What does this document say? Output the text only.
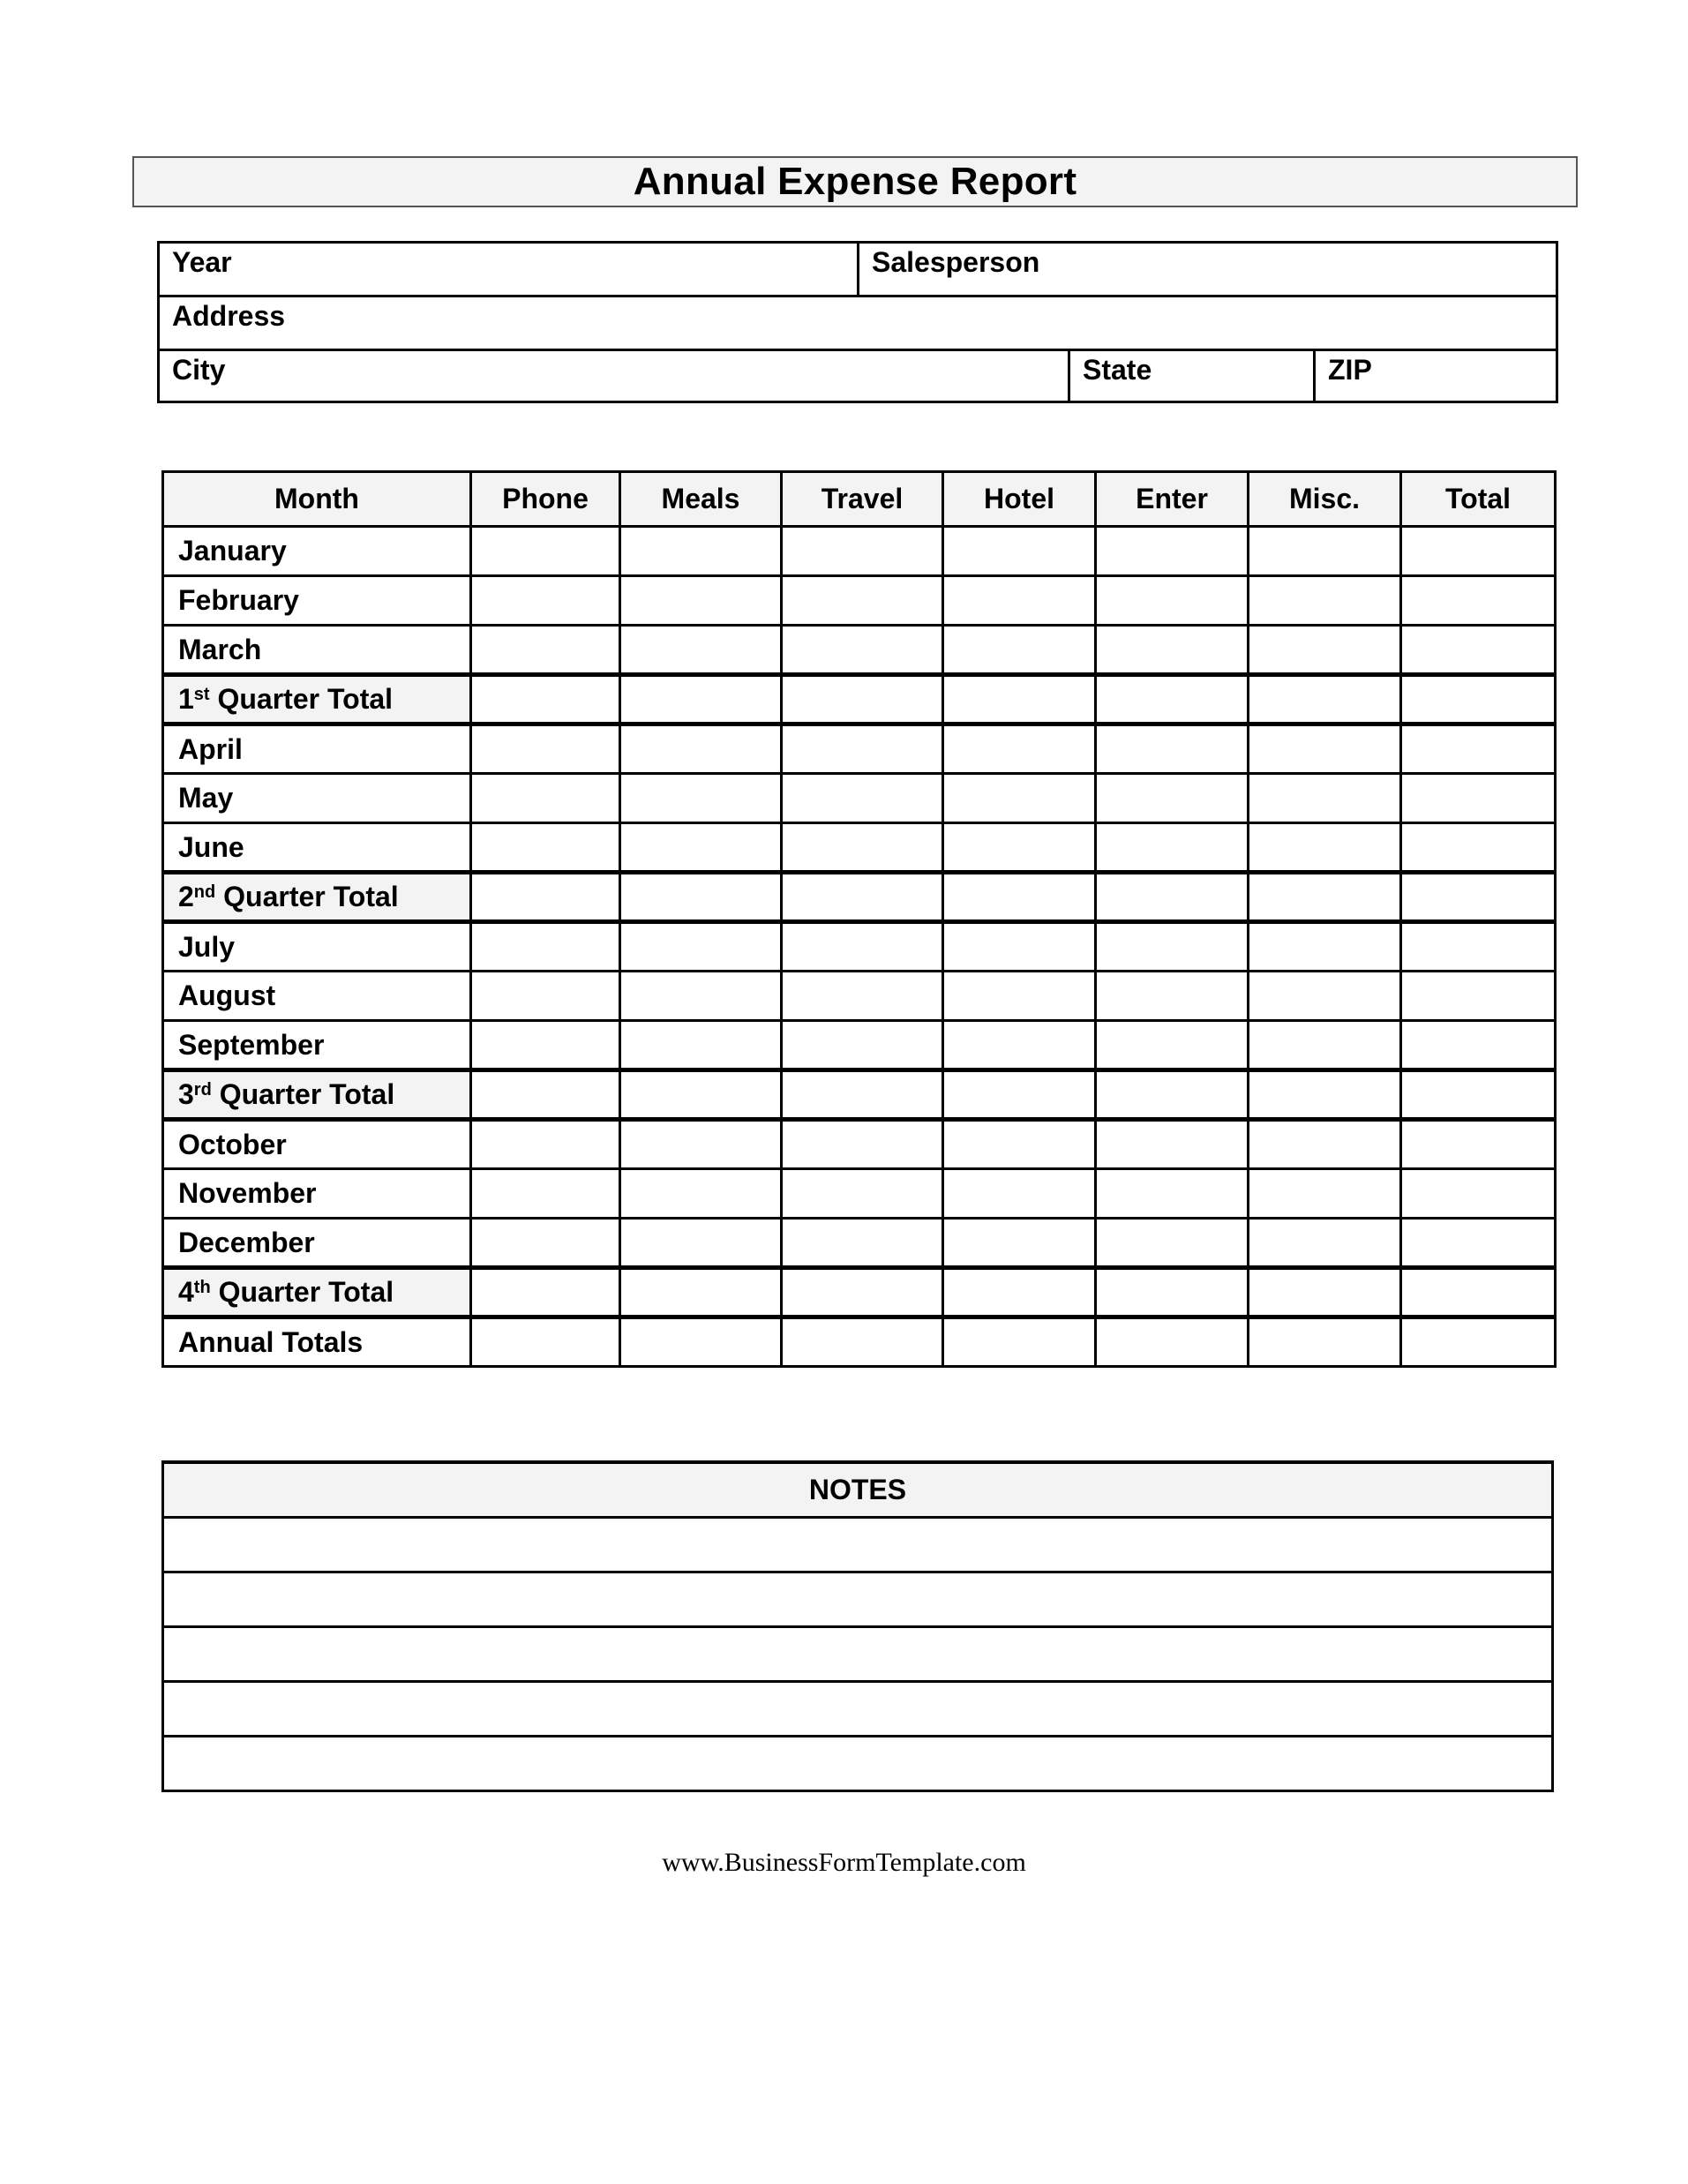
Annual Expense Report
Year	Salesperson
Address
City	State	ZIP
Month	Phone	Meals	Travel	Hotel	Enter	Misc.	Total
January							
February							
March							
1st Quarter Total							
April							
May							
June							
2nd Quarter Total							
July							
August							
September							
3rd Quarter Total							
October							
November							
December							
4th Quarter Total							
Annual Totals							
NOTES

www.BusinessFormTemplate.com
